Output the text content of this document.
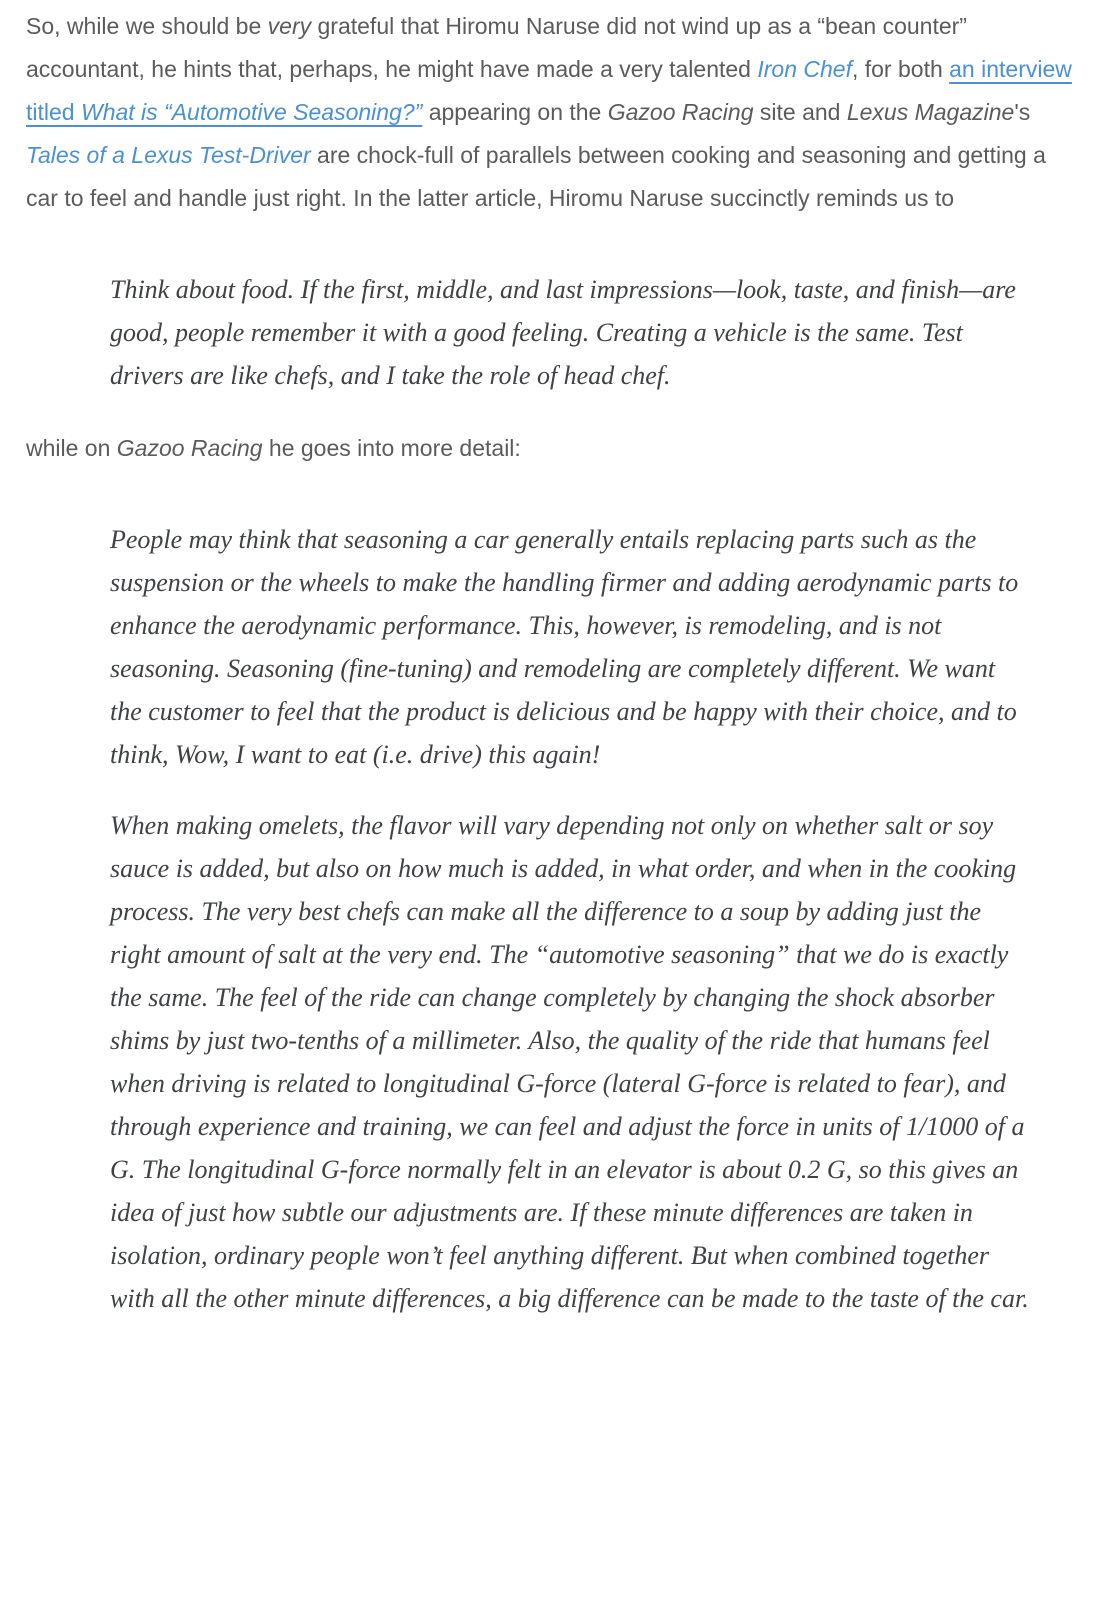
So, while we should be very grateful that Hiromu Naruse did not wind up as a “bean counter” accountant, he hints that, perhaps, he might have made a very talented Iron Chef, for both an interview titled What is “Automotive Seasoning?” appearing on the Gazoo Racing site and Lexus Magazine's Tales of a Lexus Test-Driver are chock-full of parallels between cooking and seasoning and getting a car to feel and handle just right. In the latter article, Hiromu Naruse succinctly reminds us to

Think about food. If the first, middle, and last impressions—look, taste, and finish—are good, people remember it with a good feeling. Creating a vehicle is the same. Test drivers are like chefs, and I take the role of head chef.

while on Gazoo Racing he goes into more detail:

People may think that seasoning a car generally entails replacing parts such as the suspension or the wheels to make the handling firmer and adding aerodynamic parts to enhance the aerodynamic performance. This, however, is remodeling, and is not seasoning. Seasoning (fine-tuning) and remodeling are completely different. We want the customer to feel that the product is delicious and be happy with their choice, and to think, Wow, I want to eat (i.e. drive) this again!

When making omelets, the flavor will vary depending not only on whether salt or soy sauce is added, but also on how much is added, in what order, and when in the cooking process. The very best chefs can make all the difference to a soup by adding just the right amount of salt at the very end. The “automotive seasoning” that we do is exactly the same. The feel of the ride can change completely by changing the shock absorber shims by just two-tenths of a millimeter. Also, the quality of the ride that humans feel when driving is related to longitudinal G-force (lateral G-force is related to fear), and through experience and training, we can feel and adjust the force in units of 1/1000 of a G. The longitudinal G-force normally felt in an elevator is about 0.2 G, so this gives an idea of just how subtle our adjustments are. If these minute differences are taken in isolation, ordinary people won’t feel anything different. But when combined together with all the other minute differences, a big difference can be made to the taste of the car.
